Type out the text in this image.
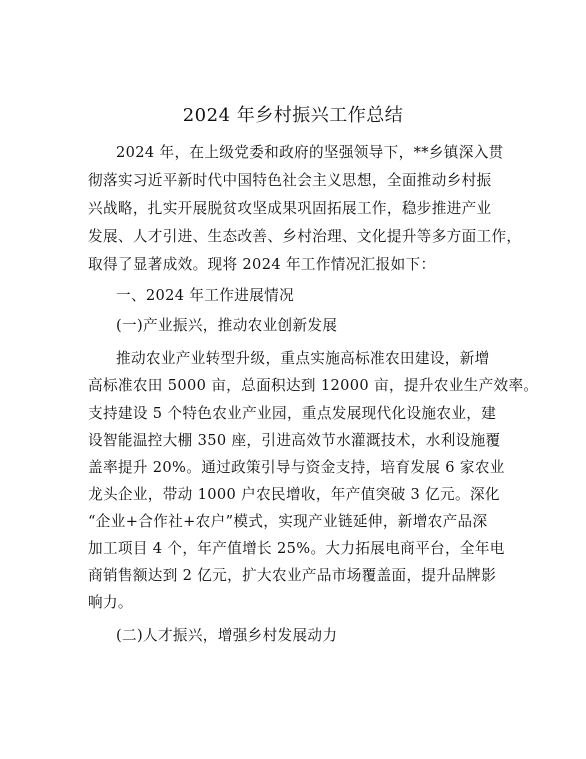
2024 年乡村振兴工作总结
2024 年，在上级党委和政府的坚强领导下，**乡镇深入贯
彻落实习近平新时代中国特色社会主义思想，全面推动乡村振
兴战略，扎实开展脱贫攻坚成果巩固拓展工作，稳步推进产业
发展、人才引进、生态改善、乡村治理、文化提升等多方面工作，
取得了显著成效。现将 2024 年工作情况汇报如下：
一、2024 年工作进展情况
(一)产业振兴，推动农业创新发展
推动农业产业转型升级，重点实施高标准农田建设，新增
高标准农田 5000 亩，总面积达到 12000 亩，提升农业生产效率。
支持建设 5 个特色农业产业园，重点发展现代化设施农业，建
设智能温控大棚 350 座，引进高效节水灌溉技术，水利设施覆
盖率提升 20%。通过政策引导与资金支持，培育发展 6 家农业
龙头企业，带动 1000 户农民增收，年产值突破 3 亿元。深化
“企业+合作社+农户”模式，实现产业链延伸，新增农产品深
加工项目 4 个，年产值增长 25%。大力拓展电商平台，全年电
商销售额达到 2 亿元，扩大农业产品市场覆盖面，提升品牌影
响力。
(二)人才振兴，增强乡村发展动力
